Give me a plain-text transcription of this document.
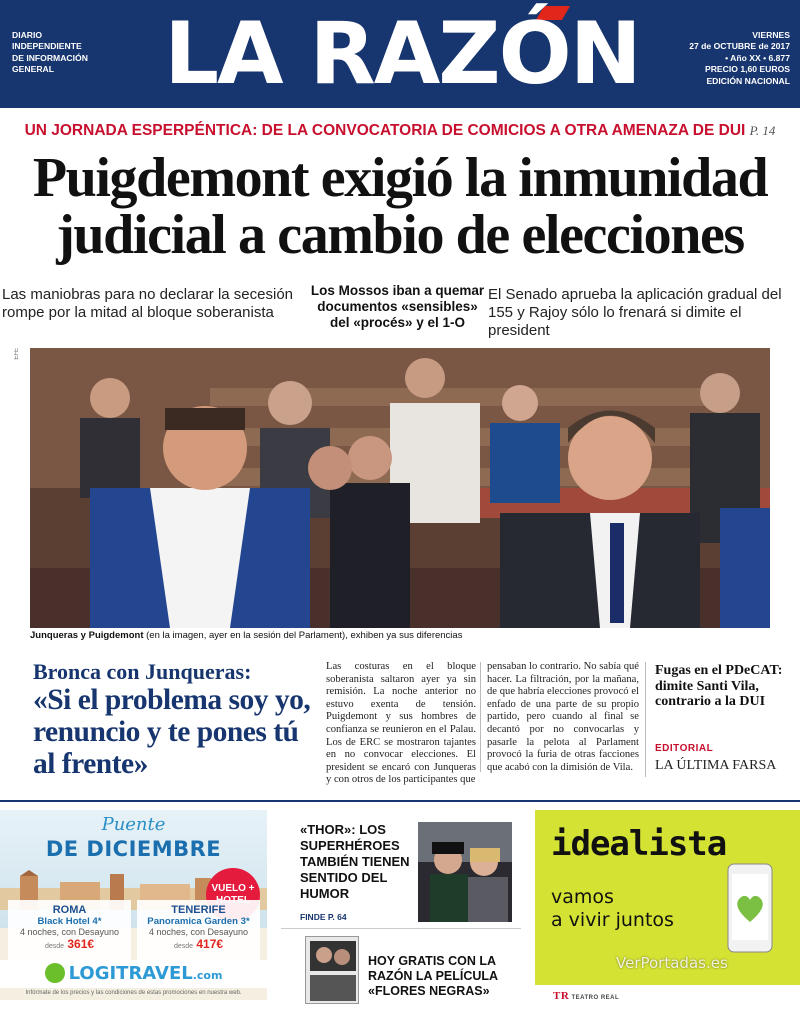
DIARIO
INDEPENDIENTE
DE INFORMACIÓN
GENERAL	LA RAZÓN	VIERNES
27 de OCTUBRE de 2017
• Año XX • 6.877
PRECIO 1,60 EUROS
EDICIÓN NACIONAL
UN JORNADA ESPERPÉNTICA: DE LA CONVOCATORIA DE COMICIOS A OTRA AMENAZA DE DUI P. 14
Puigdemont exigió la inmunidad
judicial a cambio de elecciones

Las maniobras para no declarar la secesión rompe por la mitad al bloque soberanista

Los Mossos iban a quemar documentos «sensibles» del «procés» y el 1-O

El Senado aprueba la aplicación gradual del 155 y Rajoy sólo lo frenará si dimite el president

EFE
Junqueras y Puigdemont (en la imagen, ayer en la sesión del Parlament), exhiben ya sus diferencias
Bronca con Junqueras:
«Si el problema soy yo, renuncio y te pones tú al frente»

Las costuras en el bloque soberanista saltaron ayer ya sin remisión. La noche anterior no estuvo exenta de tensión. Puigdemont y sus hombres de confianza se reunieron en el Palau. Los de ERC se mostraron tajantes en no convocar elecciones. El president se encaró con Junqueras y con otros de los participantes que

pensaban lo contrario. No sabía qué hacer. La filtración, por la mañana, de que habría elecciones provocó el enfado de una parte de su propio partido, pero cuando al final se decantó por no convocarlas y pasarle la pelota al Parlament provocó la furia de otras facciones que acabó con la dimisión de Vila.

Fugas en el PDeCAT: dimite Santi Vila, contrario a la DUI

EDITORIAL
LA ÚLTIMA FARSA
Puente
DE DICIEMBRE
VUELO +
ROMA
Black Hotel 4*
4 noches, con Desayuno
desde 361€
TENERIFE
Panoramica Garden 3*
4 noches, con Desayuno
desde 417€
LOGITRAVEL.com
Infórmate de los precios y las condiciones de estas promociones en nuestra web.
«THOR»: LOS SUPERHÉROES TAMBIÉN TIENEN SENTIDO DEL HUMOR
FINDE P. 64
HOY GRATIS CON LA RAZÓN LA PELÍCULA «FLORES NEGRAS»
idealista
vamos
a vivir juntos
TR TEATRO REAL
VerPortadas.es
